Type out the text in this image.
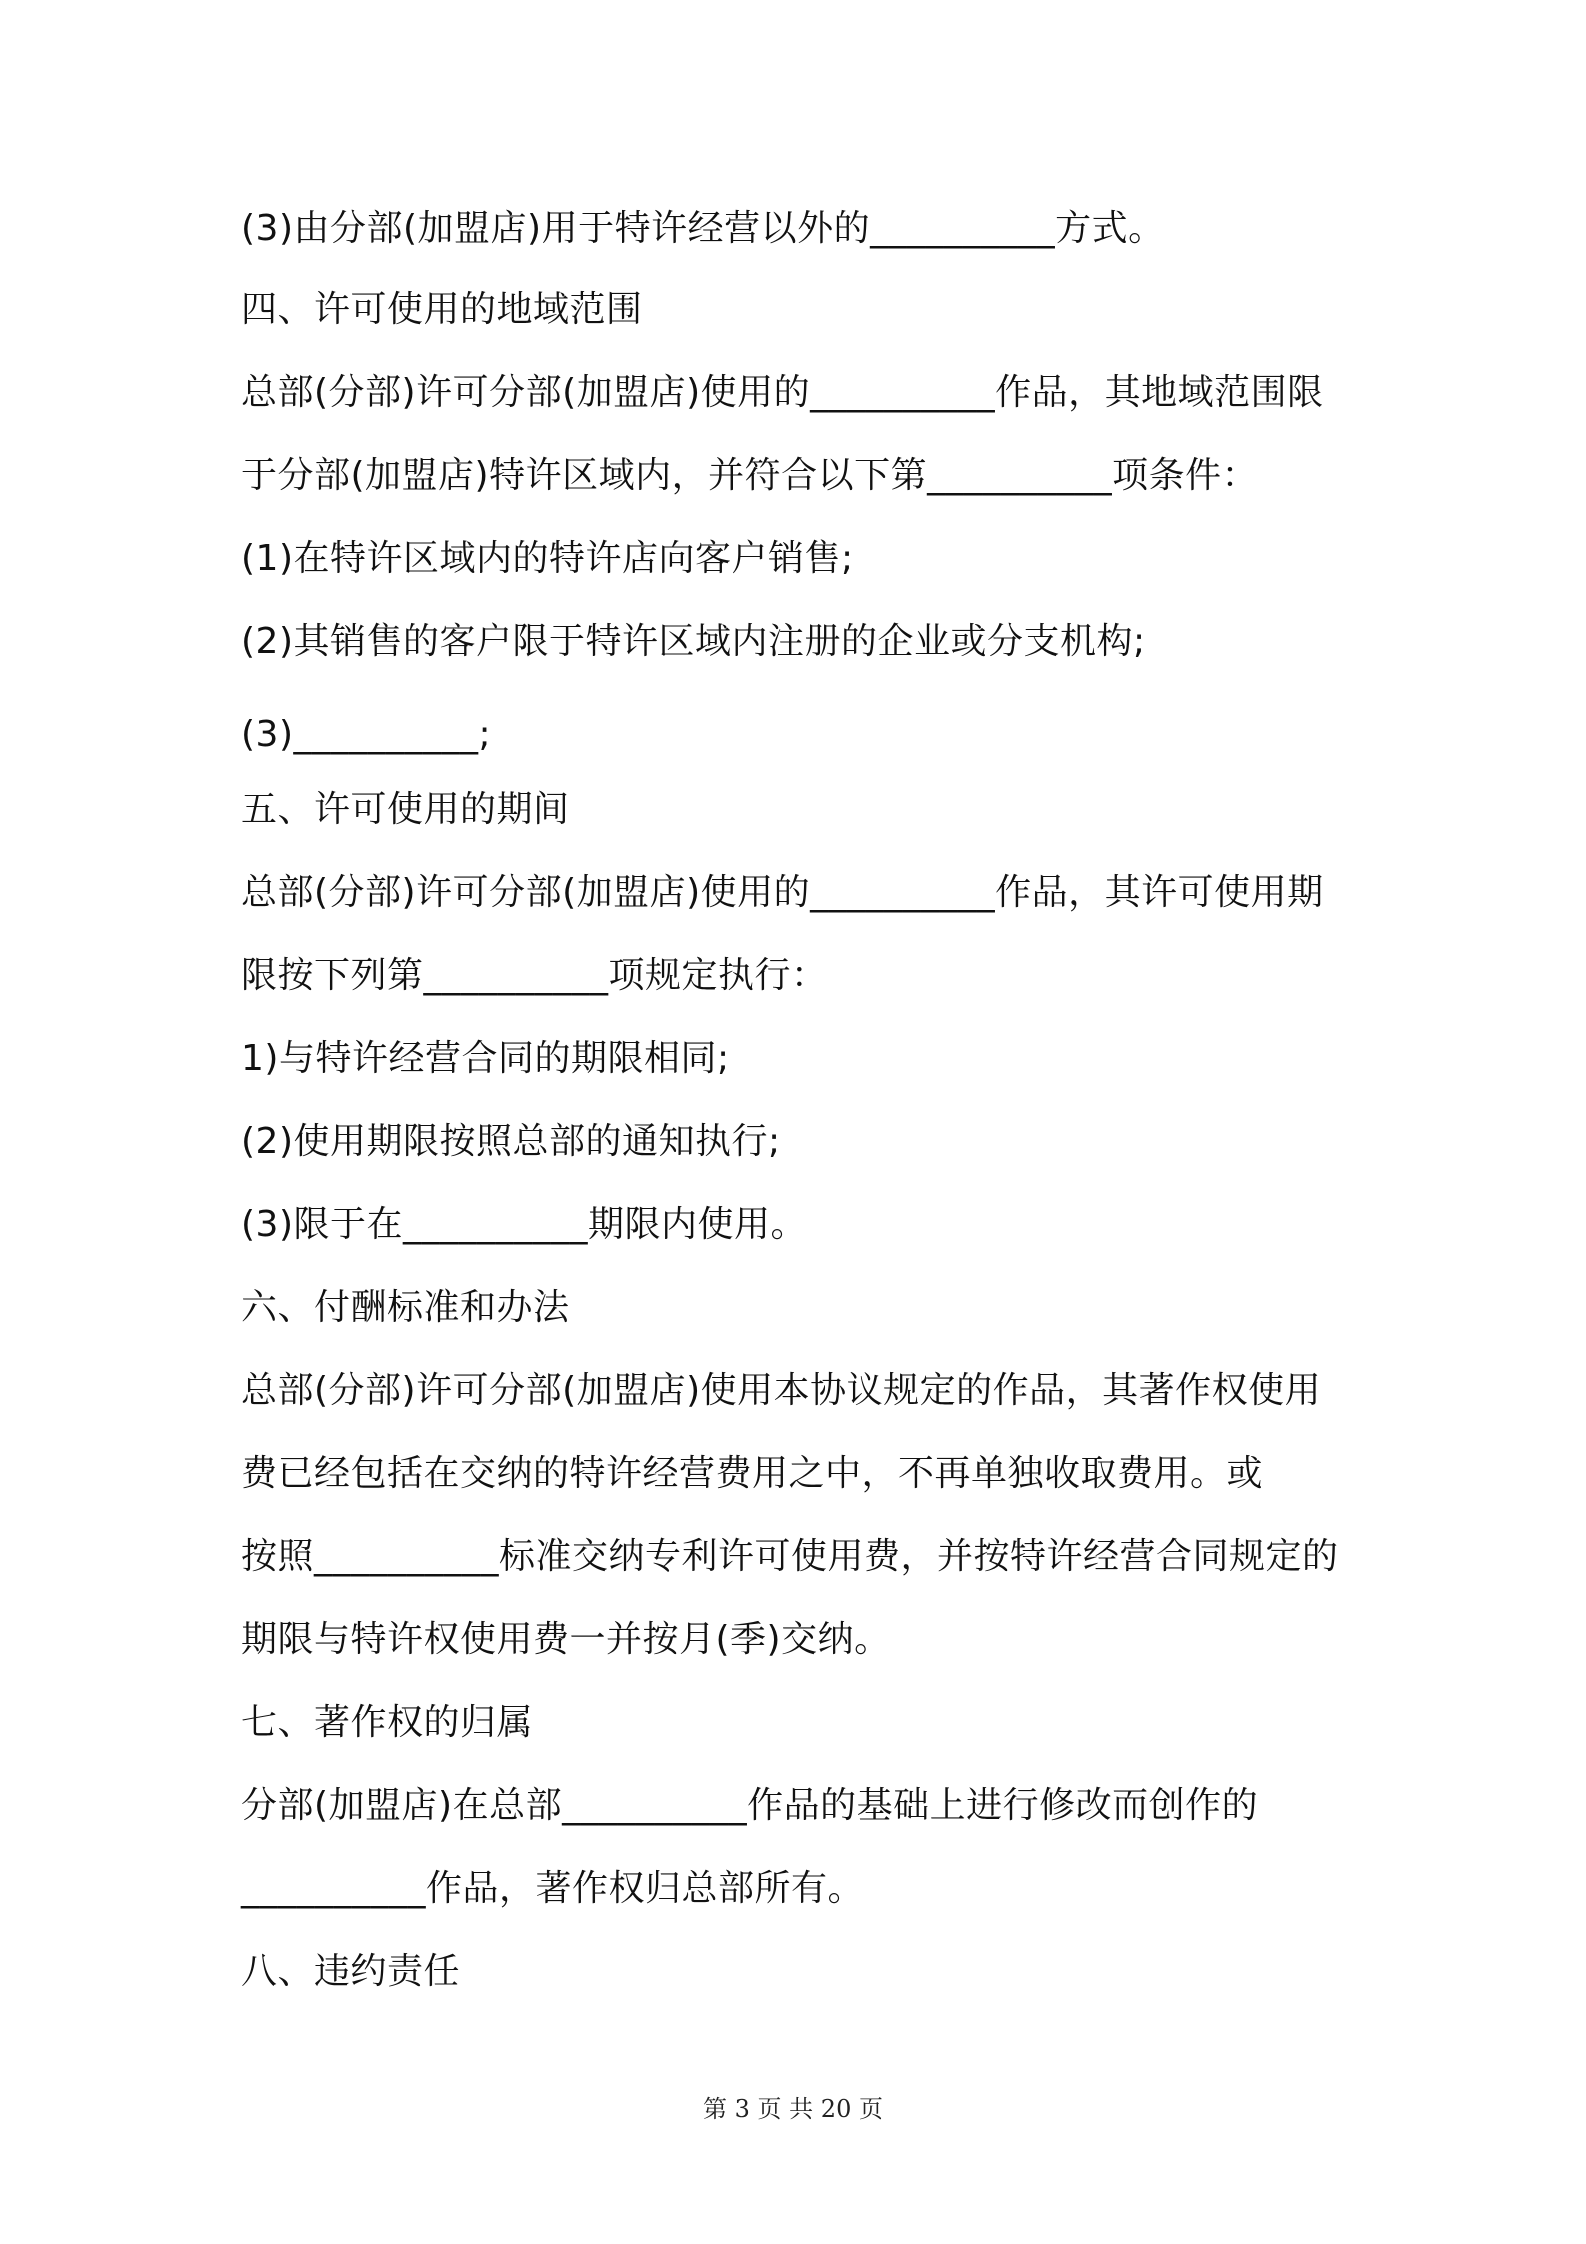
(3)由分部(加盟店)用于特许经营以外的__________方式。
四、许可使用的地域范围
总部(分部)许可分部(加盟店)使用的__________作品，其地域范围限
于分部(加盟店)特许区域内，并符合以下第__________项条件：
(1)在特许区域内的特许店向客户销售;
(2)其销售的客户限于特许区域内注册的企业或分支机构;
(3)__________;
五、许可使用的期间
总部(分部)许可分部(加盟店)使用的__________作品，其许可使用期
限按下列第__________项规定执行：
1)与特许经营合同的期限相同;
(2)使用期限按照总部的通知执行;
(3)限于在__________期限内使用。
六、付酬标准和办法
总部(分部)许可分部(加盟店)使用本协议规定的作品，其著作权使用
费已经包括在交纳的特许经营费用之中，不再单独收取费用。或
按照__________标准交纳专利许可使用费，并按特许经营合同规定的
期限与特许权使用费一并按月(季)交纳。
七、著作权的归属
分部(加盟店)在总部__________作品的基础上进行修改而创作的
__________作品，著作权归总部所有。
八、违约责任
第 3 页 共 20 页
